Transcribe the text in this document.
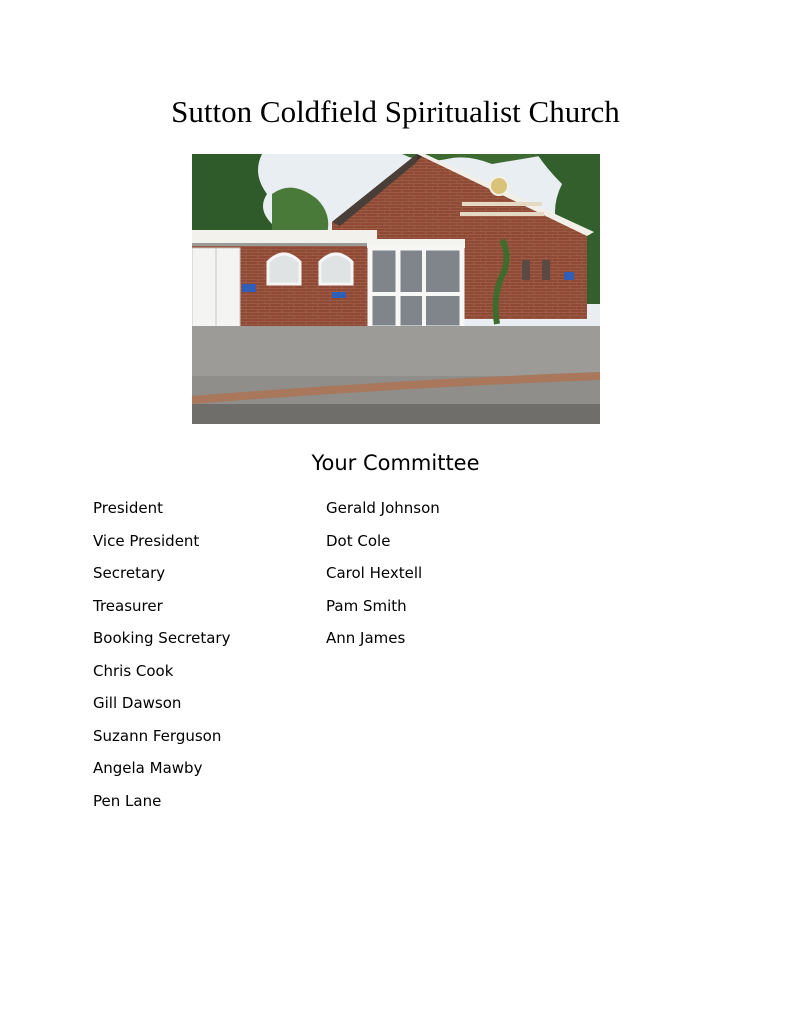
Sutton Coldfield Spiritualist Church
Your Committee
President	Gerald Johnson
Vice President	Dot Cole
Secretary	Carol Hextell
Treasurer	Pam Smith
Booking Secretary	Ann James
Chris Cook
Gill Dawson
Suzann Ferguson
Angela Mawby
Pen Lane
